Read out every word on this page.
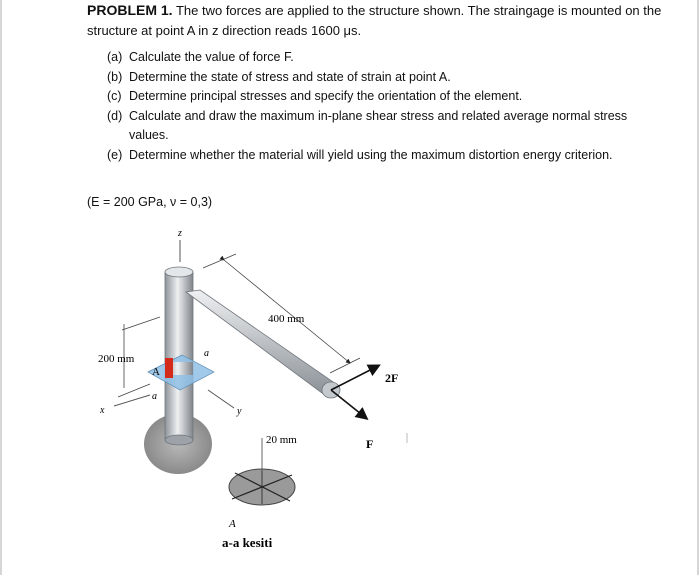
PROBLEM 1. The two forces are applied to the structure shown. The straingage is mounted on the structure at point A in z direction reads 1600 μs.
(a) Calculate the value of force F.
(b) Determine the state of stress and state of strain at point A.
(c) Determine principal stresses and specify the orientation of the element.
(d) Calculate and draw the maximum in-plane shear stress and related average normal stress values.
(e) Determine whether the material will yield using the maximum distortion energy criterion.
(E = 200 GPa, ν = 0,3)
z
400 mm
A
200 mm	a
a
x	y
2F
F
20 mm
A
a-a kesiti
